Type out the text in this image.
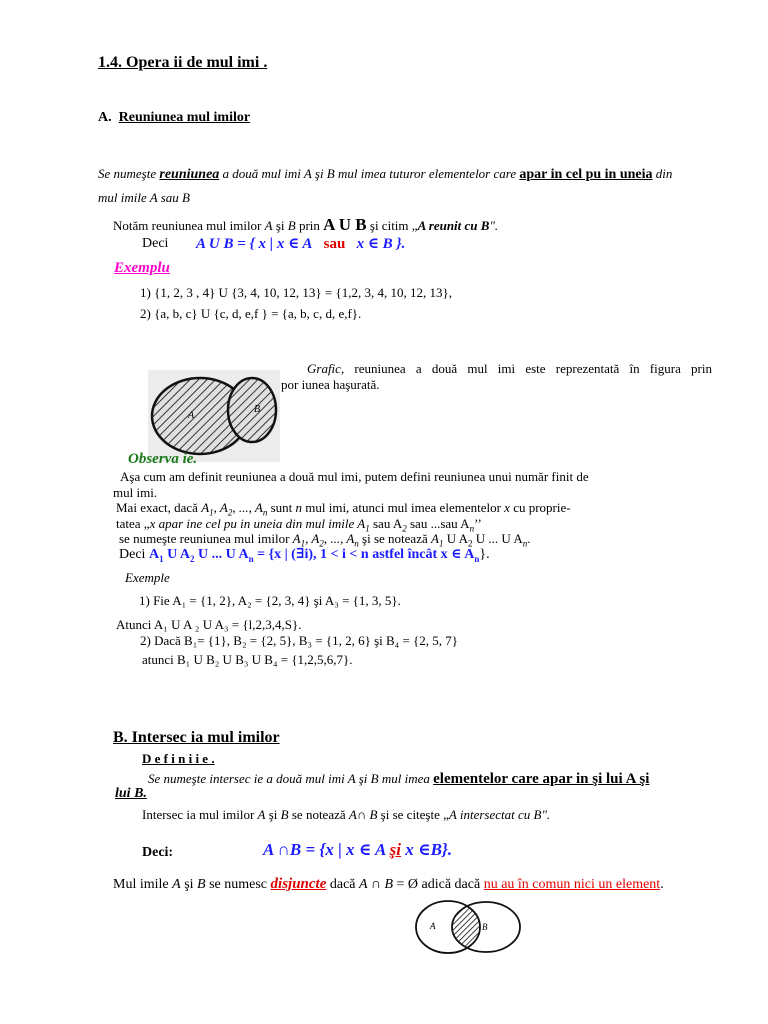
1.4. Opera ii de mul imi .
A. Reuniunea mul imilor
Se numeşte reuniunea a două mul imi A şi B mul imea tuturor elementelor care apar in cel pu in uneia din
mul imile A sau B
Notăm reuniunea mul imilor A şi B prin A U B şi citim „A reunit cu B".
Deci A U B = { x | x ∈ A sau x ∈ B }.
Exemplu
1) {1, 2, 3 , 4} U {3, 4, 10, 12, 13} = {1,2, 3, 4, 10, 12, 13},
2) {a, b, c} U {c, d, e,f } = {a, b, c, d, e,f}.
Grafic, reuniunea a două mul imi este reprezentată în figura prin
por iunea haşurată.
A
B
Observa ie.
Aşa cum am definit reuniunea a două mul imi, putem defini reuniunea unui număr finit de
mul imi.
Mai exact, dacă $A_1$, $A_2$, ..., $A_n$ sunt n mul imi, atunci mul imea elementelor x cu proprie-
tatea „x apar ine cel pu in uneia din mul imile $A_1$ sau $A_2$ sau ...sau $A_n$’’
se numeşte reuniunea mul imilor $A_1$, $A_2$, ..., $A_n$ şi se notează $A_1$ U $A_2$ U ... U $A_n$.
Deci $A_1$ U $A_2$ U ... U $A_n = \{x$ | (∃i), 1 < i < n astfel încât x ∈ $A_n$}.
Exemple
1) Fie A₁ = {1, 2}, A₂ = {2, 3, 4} şi A₃ = {1, 3, 5}.
Atunci A₁ U A ₂ U A₃ = {l,2,3,4,S}.
2) Dacă B₁= {1}, B₂ = {2, 5}, B₃ = {1, 2, 6} şi B₄ = {2, 5, 7}
atunci B₁ U B₂ U B₃ U B₄ = {1,2,5,6,7}.
B. Intersec ia mul imilor
D e f i n i i e .
Se numeşte intersec ie a două mul imi A şi B mul imea elementelor care apar in şi lui A şi
lui B.
Intersec ia mul imilor A şi B se notează A∩ B şi se citeşte „A intersectat cu B".
Deci:	A ∩B = {x | x ∈ A şi x ∈B}.
Mul imile A şi B se numesc disjuncte dacă A ∩ B = Ø adică dacă nu au în comun nici un element.
A	B
